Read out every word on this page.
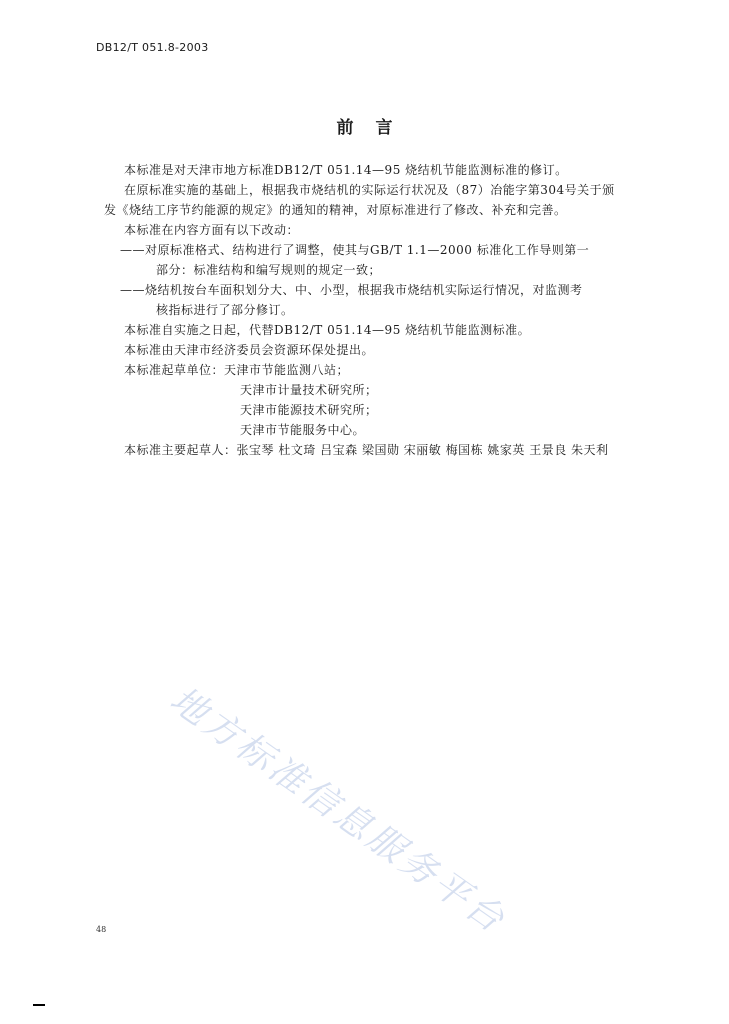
DB12/T 051.8-2003
前言
本标准是对天津市地方标准DB12/T 051.14—95 烧结机节能监测标准的修订。
在原标准实施的基础上，根据我市烧结机的实际运行状况及（87）冶能字第304号关于颁
发《烧结工序节约能源的规定》的通知的精神，对原标准进行了修改、补充和完善。
本标准在内容方面有以下改动：
——对原标准格式、结构进行了调整，使其与GB/T 1.1—2000 标准化工作导则第一
部分：标准结构和编写规则的规定一致；
——烧结机按台车面积划分大、中、小型，根据我市烧结机实际运行情况，对监测考
核指标进行了部分修订。
本标准自实施之日起，代替DB12/T 051.14—95 烧结机节能监测标准。
本标准由天津市经济委员会资源环保处提出。
本标准起草单位：天津市节能监测八站；
天津市计量技术研究所；
天津市能源技术研究所；
天津市节能服务中心。
本标准主要起草人：张宝琴 杜文琦 吕宝森 梁国勋 宋丽敏 梅国栋 姚家英 王景良 朱天利
地方标准信息服务平台
48
